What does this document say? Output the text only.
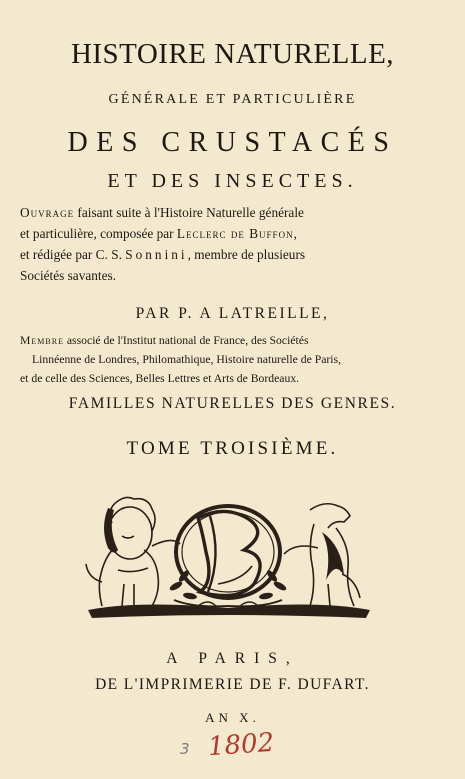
HISTOIRE NATURELLE,
GÉNÉRALE ET PARTICULIÈRE
DES CRUSTACÉS
ET DES INSECTES.
Ouvrage faisant suite à l'Histoire Naturelle générale
et particulière, composée par Leclerc de Buffon,
et rédigée par C. S. Sonnini, membre de plusieurs
Sociétés savantes.
PAR P. A LATREILLE,
Membre associé de l'Institut national de France, des Sociétés
Linnéenne de Londres, Philomathique, Histoire naturelle de Paris,
et de celle des Sciences, Belles Lettres et Arts de Bordeaux.
FAMILLES NATURELLES DES GENRES.
TOME TROISIÈME.
A PARIS,
DE L'IMPRIMERIE DE F. DUFART.
AN X.
3 1802
